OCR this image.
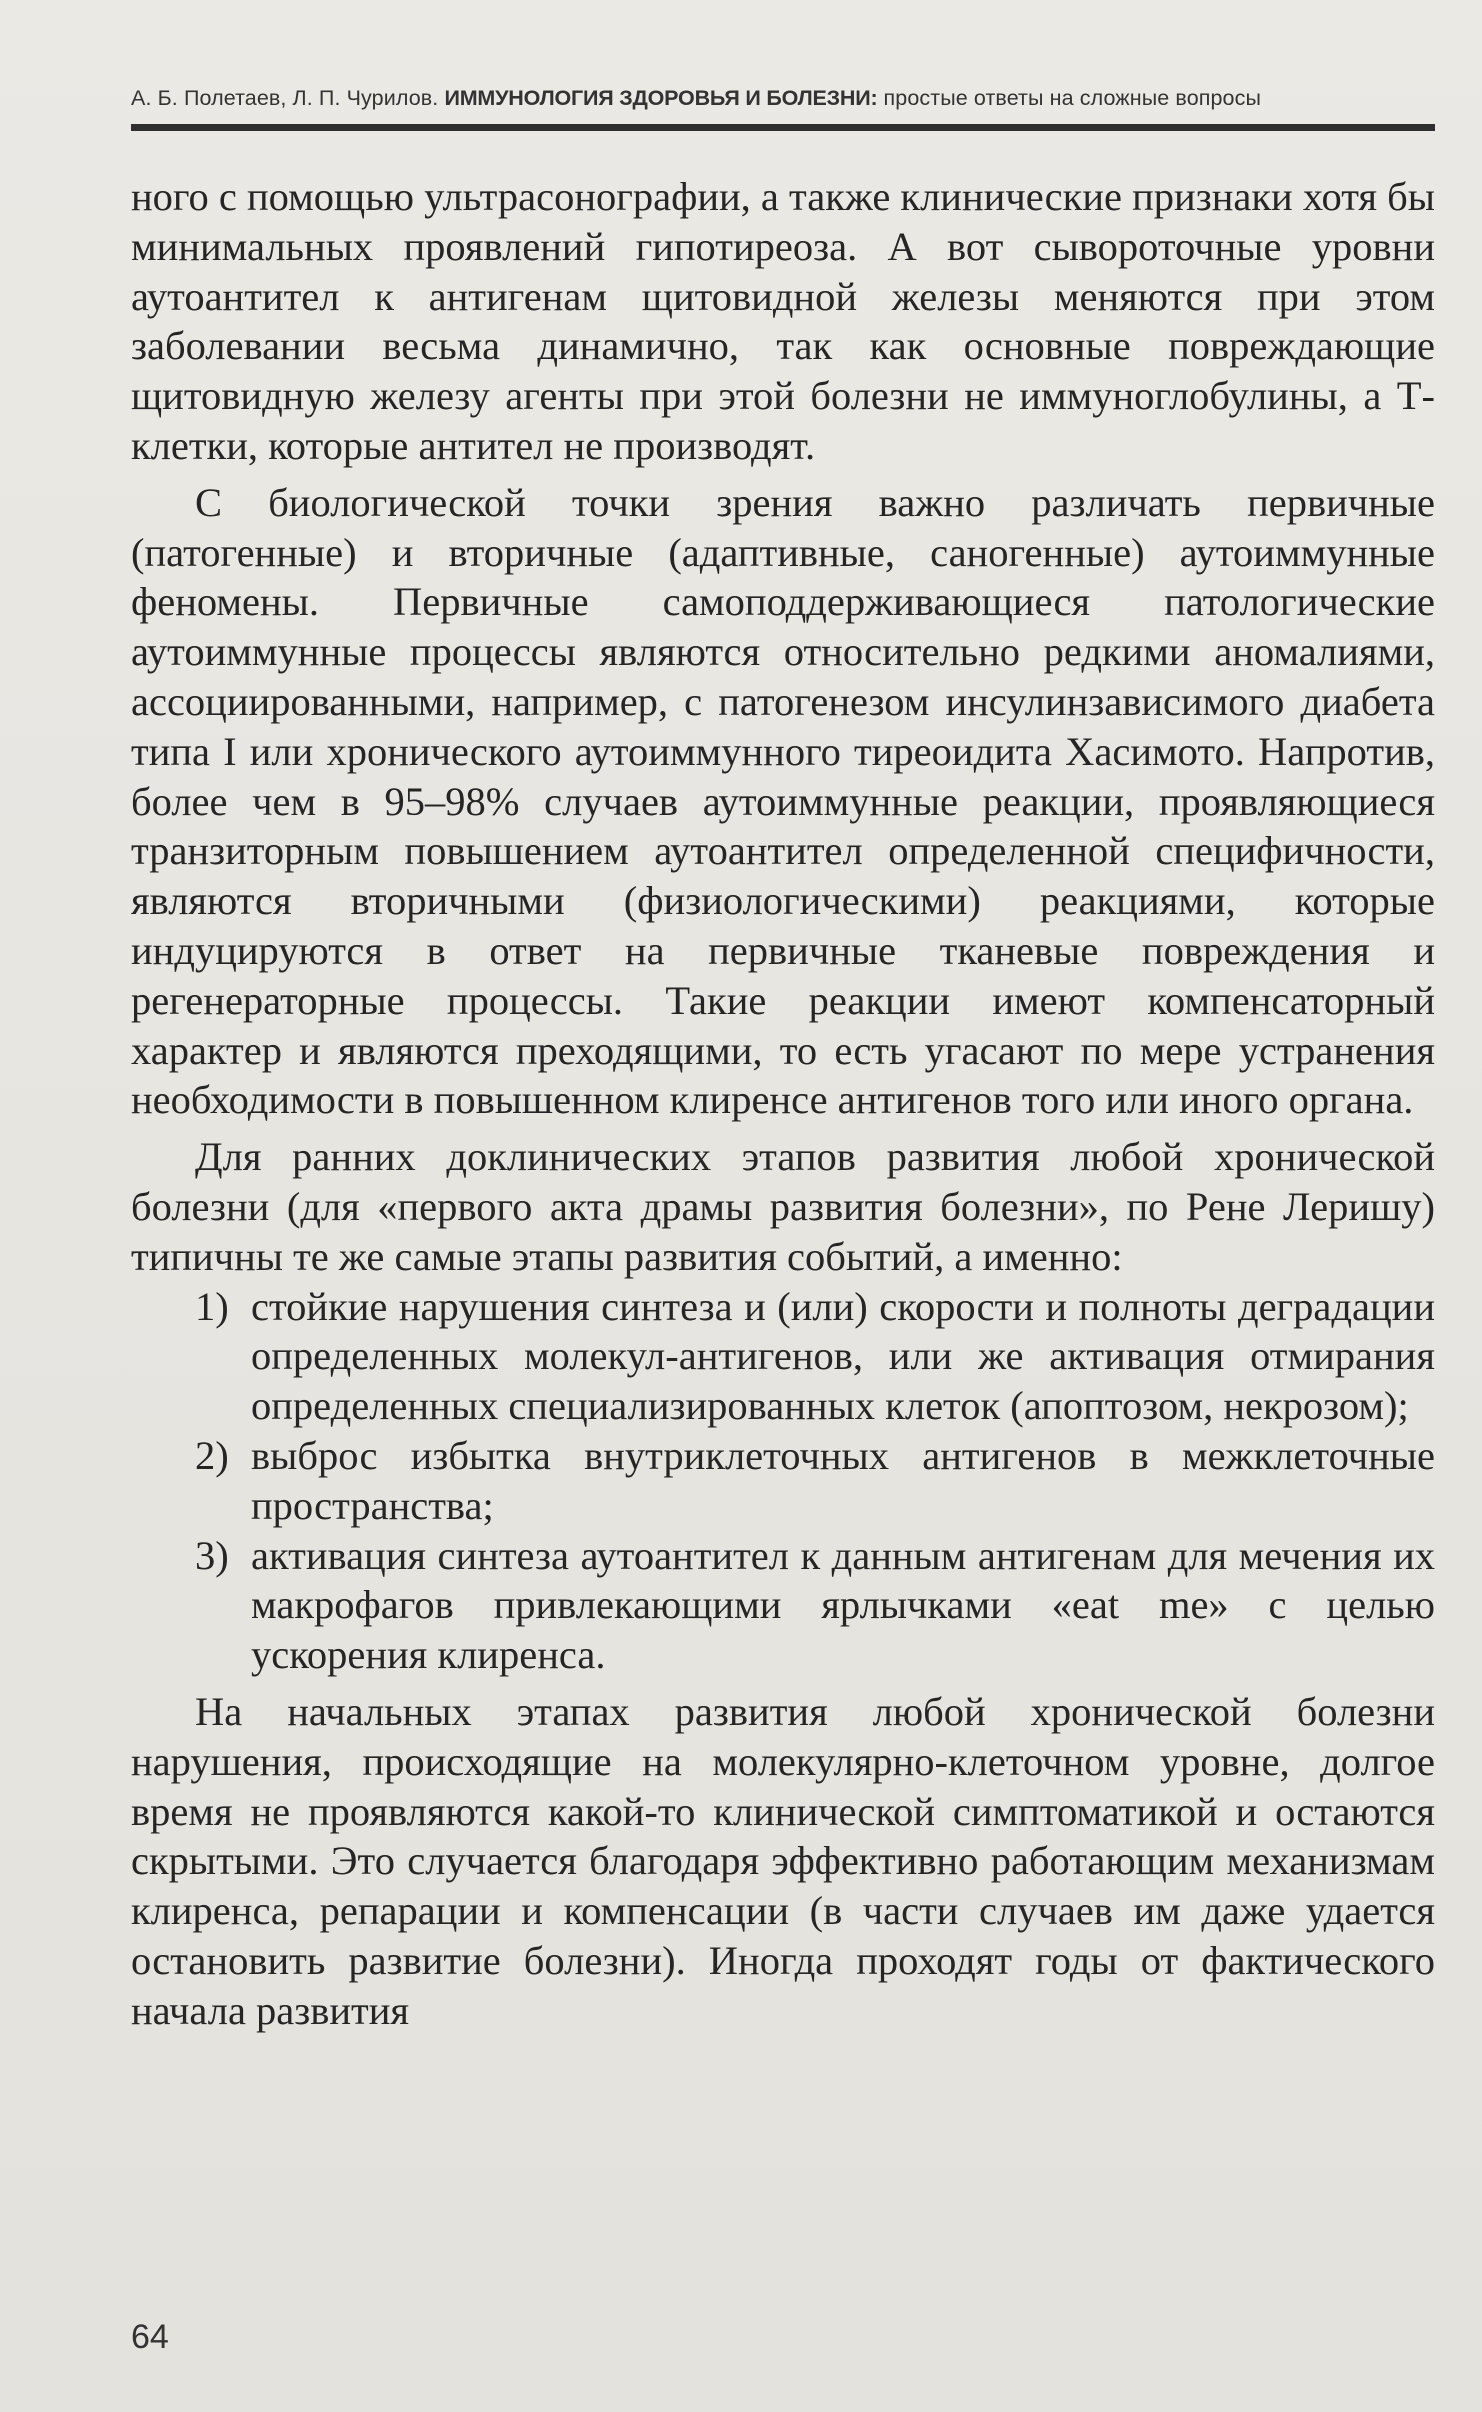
А. Б. Полетаев, Л. П. Чурилов. ИММУНОЛОГИЯ ЗДОРОВЬЯ И БОЛЕЗНИ: простые ответы на сложные вопросы

ного с помощью ультрасонографии, а также клинические признаки хотя бы минимальных проявлений гипотиреоза. А вот сывороточные уровни аутоантител к антигенам щитовидной железы меняются при этом заболевании весьма динамично, так как основные повреждающие щитовидную железу агенты при этой болезни не иммуноглобулины, а Т-клетки, которые антител не производят.

С биологической точки зрения важно различать первичные (патогенные) и вторичные (адаптивные, саногенные) аутоиммунные феномены. Первичные самоподдерживающиеся патологические аутоиммунные процессы являются относительно редкими аномалиями, ассоциированными, например, с патогенезом инсулинзависимого диабета типа I или хронического аутоиммунного тиреоидита Хасимото. Напротив, более чем в 95–98% случаев аутоиммунные реакции, проявляющиеся транзиторным повышением аутоантител определенной специфичности, являются вторичными (физиологическими) реакциями, которые индуцируются в ответ на первичные тканевые повреждения и регенераторные процессы. Такие реакции имеют компенсаторный характер и являются преходящими, то есть угасают по мере устранения необходимости в повышенном клиренсе антигенов того или иного органа.

Для ранних доклинических этапов развития любой хронической болезни (для «первого акта драмы развития болезни», по Рене Леришу) типичны те же самые этапы развития событий, а именно:

1) стойкие нарушения синтеза и (или) скорости и полноты деградации определенных молекул-антигенов, или же активация отмирания определенных специализированных клеток (апоптозом, некрозом);
2) выброс избытка внутриклеточных антигенов в межклеточные пространства;
3) активация синтеза аутоантител к данным антигенам для мечения их макрофагов привлекающими ярлычками «eat me» с целью ускорения клиренса.

На начальных этапах развития любой хронической болезни нарушения, происходящие на молекулярно-клеточном уровне, долгое время не проявляются какой-то клинической симптоматикой и остаются скрытыми. Это случается благодаря эффективно работающим механизмам клиренса, репарации и компенсации (в части случаев им даже удается остановить развитие болезни). Иногда проходят годы от фактического начала развития

64
